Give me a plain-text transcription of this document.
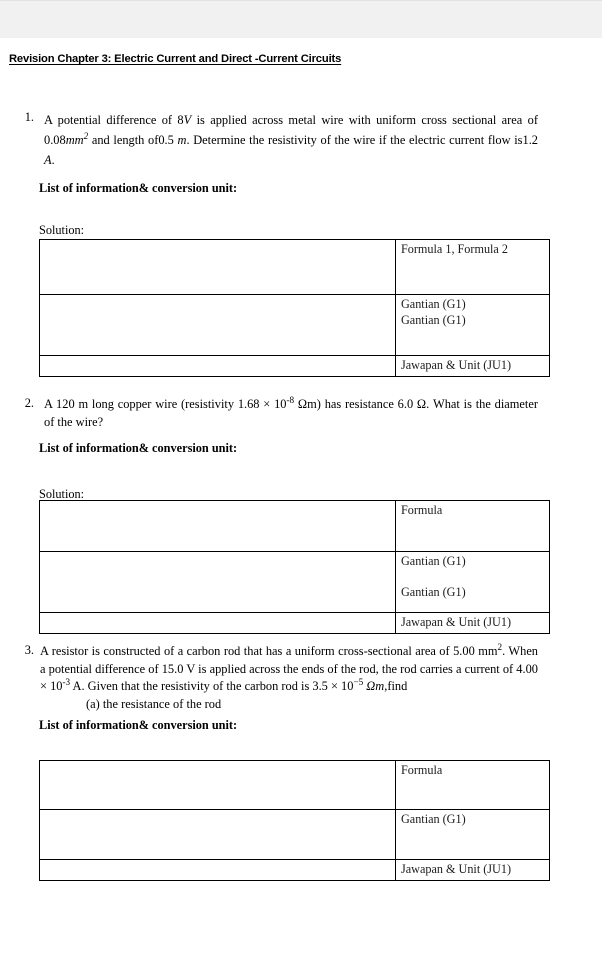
Revision Chapter 3: Electric Current and Direct -Current Circuits
1. A potential difference of 8V is applied across metal wire with uniform cross sectional area of $0.08mm^2$ and length of0.5 m. Determine the resistivity of the wire if the electric current flow is1.2 A.
List of information& conversion unit:
Solution:
	Formula 1, Formula 2
	Gantian (G1)
Gantian (G1)
	Jawapan & Unit (JU1)
2. A 120 m long copper wire (resistivity $1.68 \times 10^{-8}$ Ωm) has resistance 6.0 Ω. What is the diameter of the wire?
List of information& conversion unit:
Solution:
	Formula
	Gantian (G1)

Gantian (G1)
	Jawapan & Unit (JU1)
3. A resistor is constructed of a carbon rod that has a uniform cross-sectional area of 5.00 $mm^2$. When a potential difference of 15.0 V is applied across the ends of the rod, the rod carries a current of $4.00 \times 10^{-3}$ A. Given that the resistivity of the carbon rod is $3.5 \times 10^{-5}$ Ωm,find
(a) the resistance of the rod
List of information& conversion unit:
	Formula
	Gantian (G1)
	Jawapan & Unit (JU1)
